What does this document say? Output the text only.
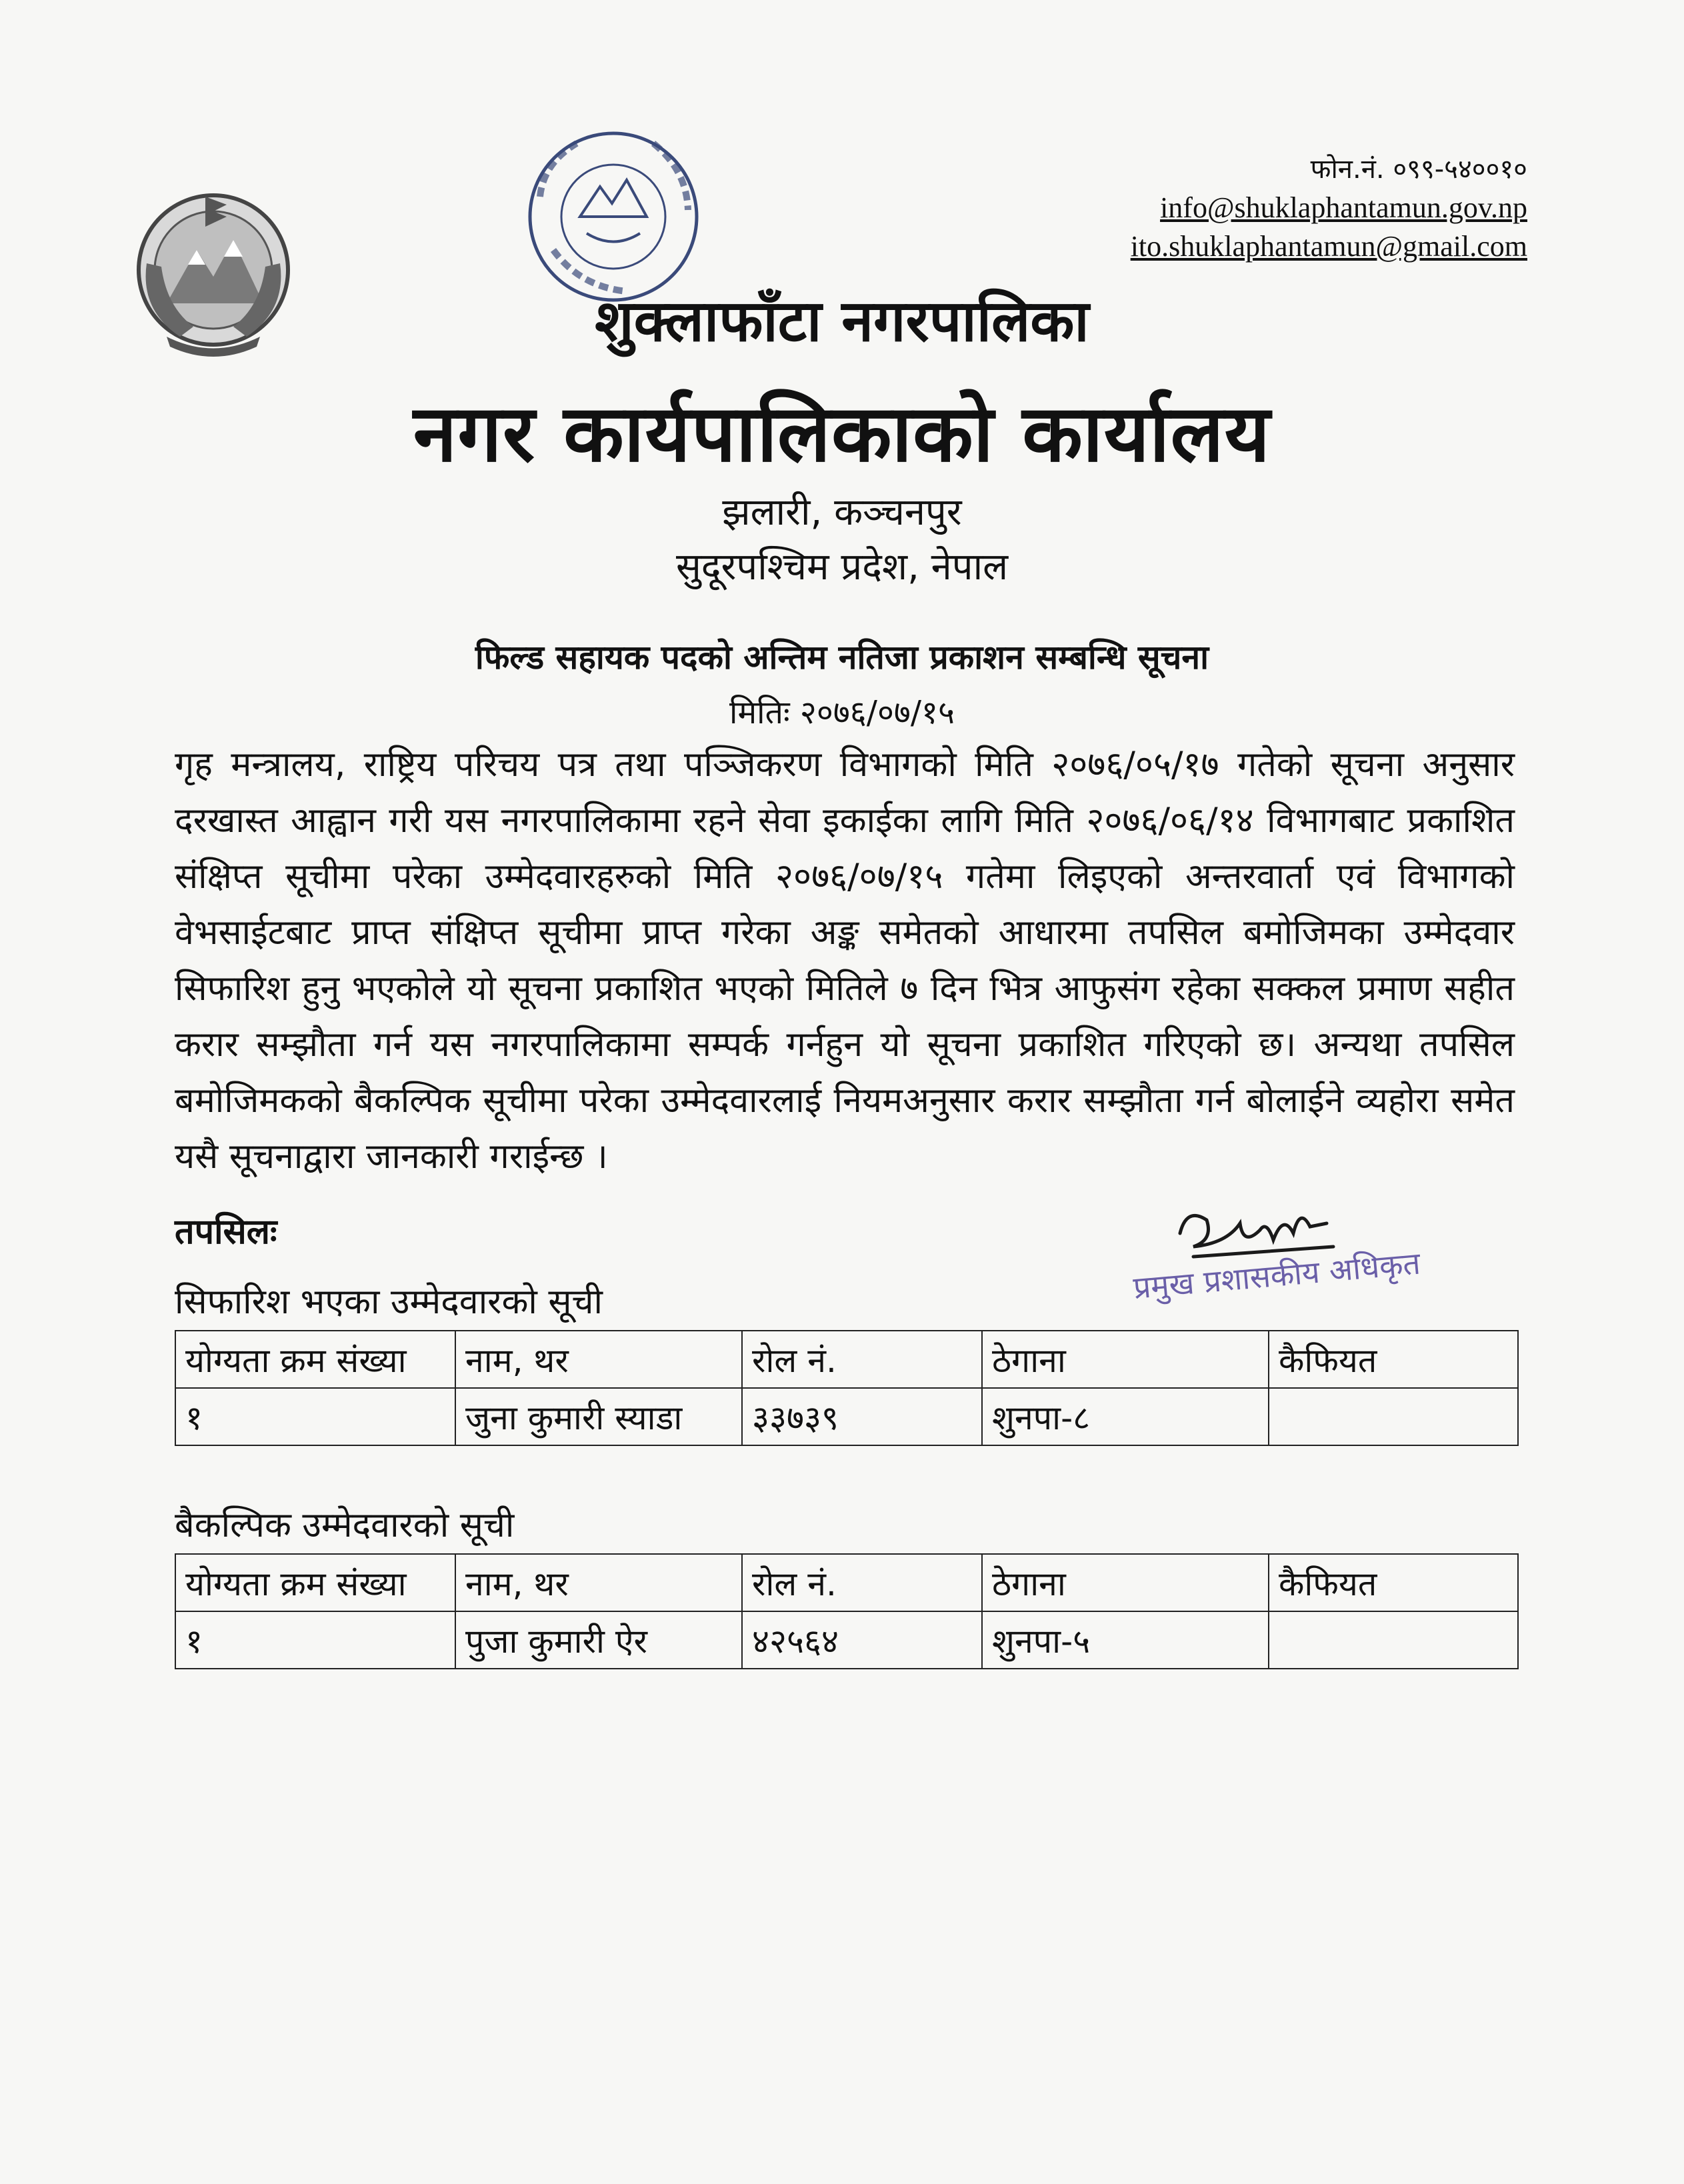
फोन.नं. ०९९-५४००१०
info@shuklaphantamun.gov.np
ito.shuklaphantamun@gmail.com
शुक्लाफाँटा नगरपालिका
नगर कार्यपालिकाको कार्यालय
झलारी, कञ्चनपुर
सुदूरपश्चिम प्रदेश, नेपाल
फिल्ड सहायक पदको अन्तिम नतिजा प्रकाशन सम्बन्धि सूचना
मितिः २०७६/०७/१५
गृह मन्त्रालय, राष्ट्रिय परिचय पत्र तथा पञ्जिकरण विभागको मिति २०७६/०५/१७ गतेको सूचना अनुसार दरखास्त आह्वान गरी यस नगरपालिकामा रहने सेवा इकाईका लागि मिति २०७६/०६/१४ विभागबाट प्रकाशित संक्षिप्त सूचीमा परेका उम्मेदवारहरुको मिति २०७६/०७/१५ गतेमा लिइएको अन्तरवार्ता एवं विभागको वेभसाईटबाट प्राप्त संक्षिप्त सूचीमा प्राप्त गरेका अङ्क समेतको आधारमा तपसिल बमोजिमका उम्मेदवार सिफारिश हुनु भएकोले यो सूचना प्रकाशित भएको मितिले ७ दिन भित्र आफुसंग रहेका सक्कल प्रमाण सहीत करार सम्झौता गर्न यस नगरपालिकामा सम्पर्क गर्नहुन यो सूचना प्रकाशित गरिएको छ। अन्यथा तपसिल बमोजिमकको बैकल्पिक सूचीमा परेका उम्मेदवारलाई नियमअनुसार करार सम्झौता गर्न बोलाईने व्यहोरा समेत यसै सूचनाद्वारा जानकारी गराईन्छ ।
तपसिलः
प्रमुख प्रशासकीय अधिकृत
सिफारिश भएका उम्मेदवारको सूची
योग्यता क्रम संख्या	नाम, थर	रोल नं.	ठेगाना	कैफियत
१	जुना कुमारी स्याडा	३३७३९	शुनपा-८	
बैकल्पिक उम्मेदवारको सूची
योग्यता क्रम संख्या	नाम, थर	रोल नं.	ठेगाना	कैफियत
१	पुजा कुमारी ऐर	४२५६४	शुनपा-५	
